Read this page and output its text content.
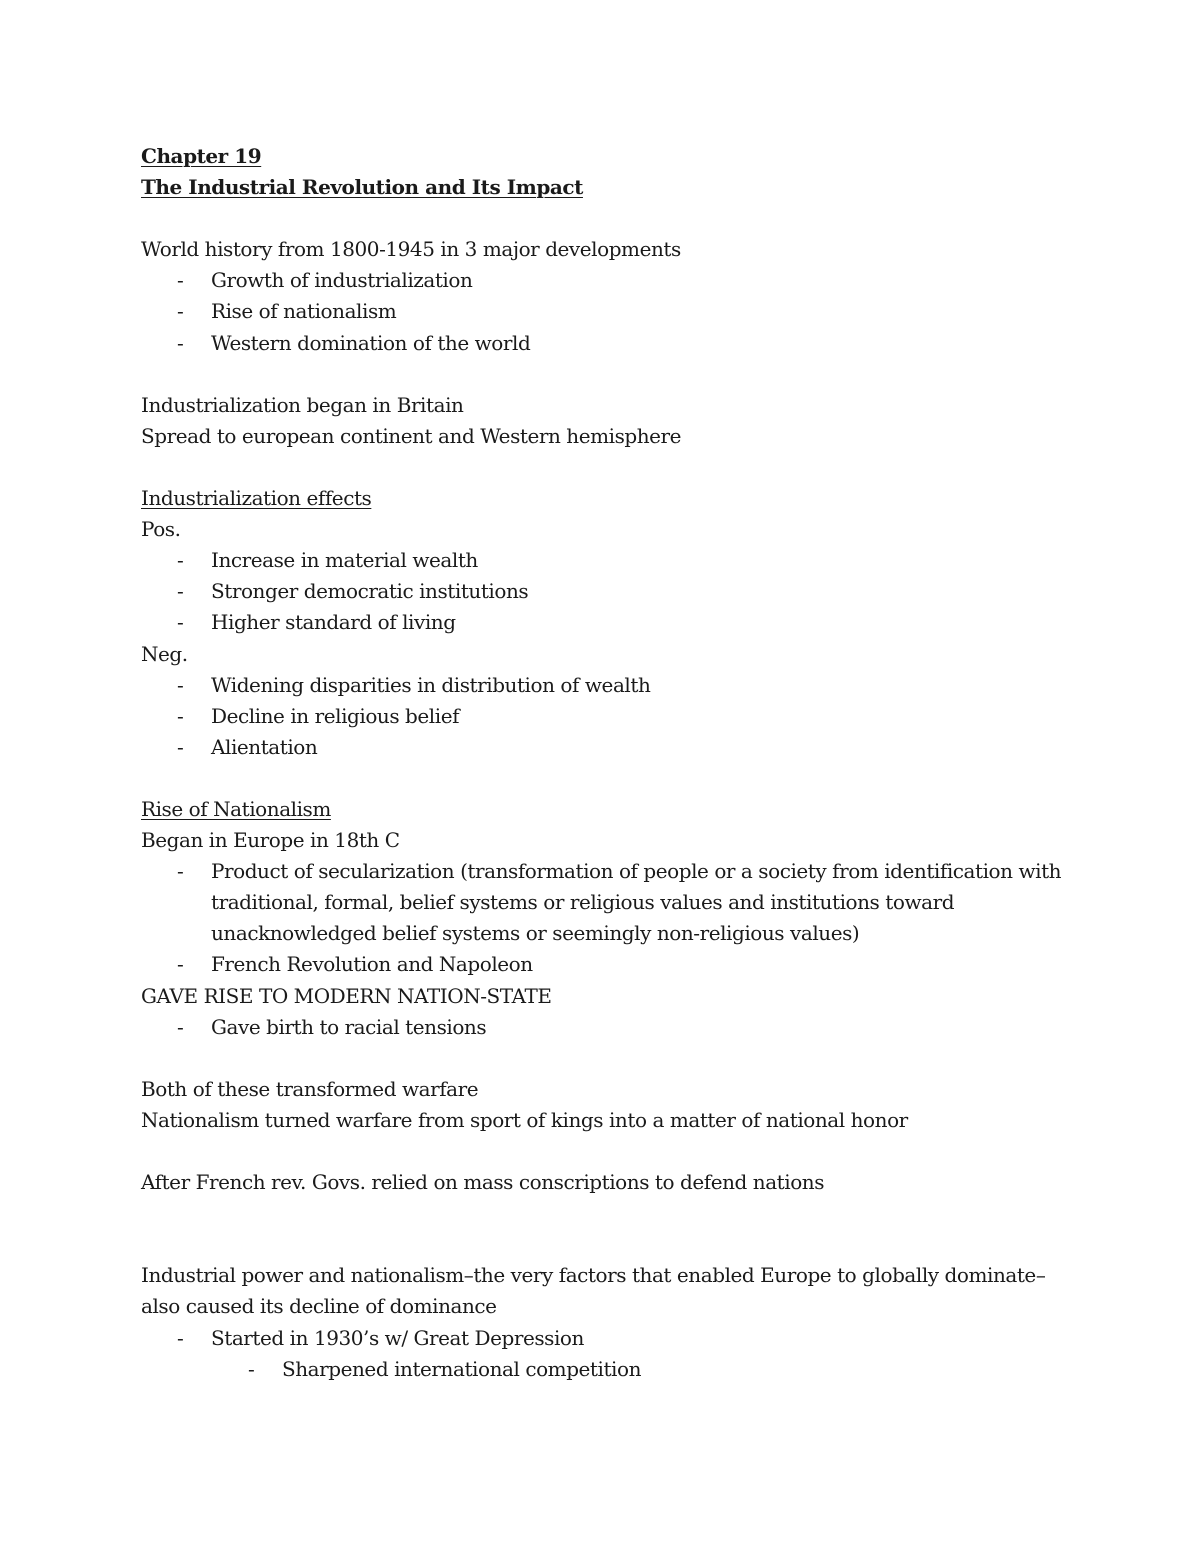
Chapter 19
The Industrial Revolution and Its Impact
World history from 1800-1945 in 3 major developments
- Growth of industrialization
- Rise of nationalism
- Western domination of the world
Industrialization began in Britain
Spread to european continent and Western hemisphere
Industrialization effects
Pos.
- Increase in material wealth
- Stronger democratic institutions
- Higher standard of living
Neg.
- Widening disparities in distribution of wealth
- Decline in religious belief
- Alientation
Rise of Nationalism
Began in Europe in 18th C
- Product of secularization (transformation of people or a society from identification with traditional, formal, belief systems or religious values and institutions toward unacknowledged belief systems or seemingly non-religious values)
- French Revolution and Napoleon
GAVE RISE TO MODERN NATION-STATE
- Gave birth to racial tensions
Both of these transformed warfare
Nationalism turned warfare from sport of kings into a matter of national honor
After French rev. Govs. relied on mass conscriptions to defend nations
Industrial power and nationalism–the very factors that enabled Europe to globally dominate–also caused its decline of dominance
- Started in 1930’s w/ Great Depression
- Sharpened international competition
